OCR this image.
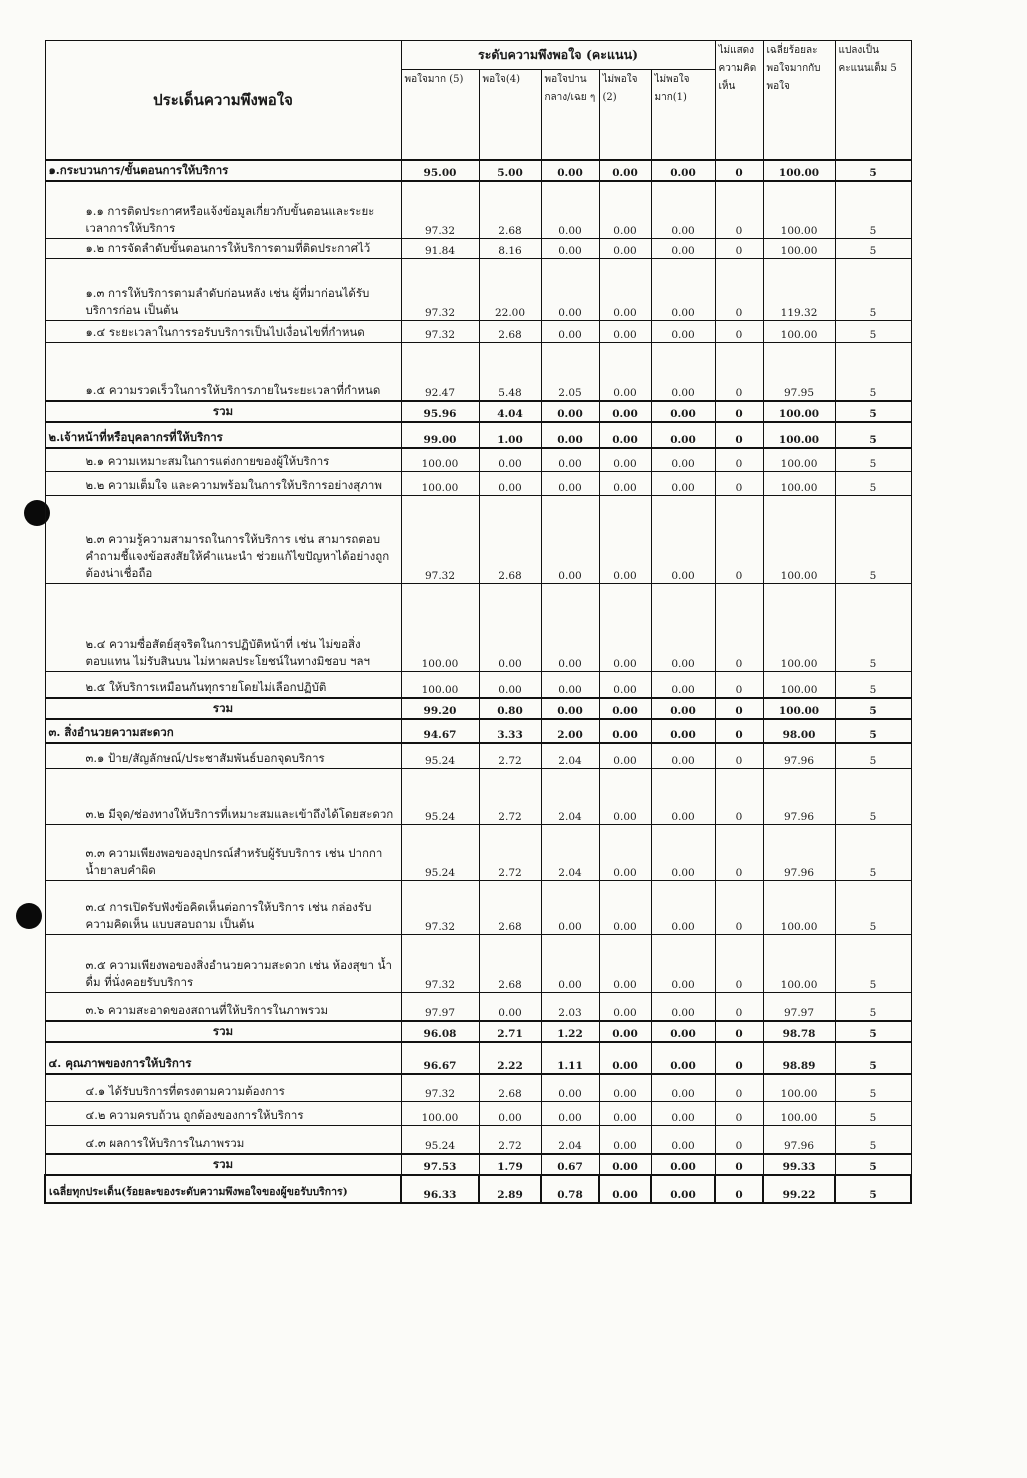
ประเด็นความพึงพอใจ	ระดับความพึงพอใจ (คะแนน)					ไม่แสดงความคิดเห็น	เฉลี่ยร้อยละพอใจมากกับพอใจ	แปลงเป็นคะแนนเต็ม 5
	พอใจมาก (5)	พอใจ(4)	พอใจปานกลาง/เฉย ๆ	ไม่พอใจ (2)	ไม่พอใจมาก(1)			
๑.กระบวนการ/ขั้นตอนการให้บริการ	95.00	5.00	0.00	0.00	0.00	0	100.00	5
๑.๑ การติดประกาศหรือแจ้งข้อมูลเกี่ยวกับขั้นตอนและระยะเวลาการให้บริการ	97.32	2.68	0.00	0.00	0.00	0	100.00	5
๑.๒ การจัดลำดับขั้นตอนการให้บริการตามที่ติดประกาศไว้	91.84	8.16	0.00	0.00	0.00	0	100.00	5
๑.๓ การให้บริการตามลำดับก่อนหลัง เช่น ผู้ที่มาก่อนได้รับบริการก่อน เป็นต้น	97.32	22.00	0.00	0.00	0.00	0	119.32	5
๑.๔ ระยะเวลาในการรอรับบริการเป็นไปเงื่อนไขที่กำหนด	97.32	2.68	0.00	0.00	0.00	0	100.00	5
๑.๕ ความรวดเร็วในการให้บริการภายในระยะเวลาที่กำหนด	92.47	5.48	2.05	0.00	0.00	0	97.95	5
รวม	95.96	4.04	0.00	0.00	0.00	0	100.00	5
๒.เจ้าหน้าที่หรือบุคลากรที่ให้บริการ	99.00	1.00	0.00	0.00	0.00	0	100.00	5
๒.๑ ความเหมาะสมในการแต่งกายของผู้ให้บริการ	100.00	0.00	0.00	0.00	0.00	0	100.00	5
๒.๒ ความเต็มใจ และความพร้อมในการให้บริการอย่างสุภาพ	100.00	0.00	0.00	0.00	0.00	0	100.00	5
๒.๓ ความรู้ความสามารถในการให้บริการ เช่น สามารถตอบคำถามชี้แจงข้อสงสัยให้คำแนะนำ ช่วยแก้ไขปัญหาได้อย่างถูกต้องน่าเชื่อถือ	97.32	2.68	0.00	0.00	0.00	0	100.00	5
๒.๔ ความซื่อสัตย์สุจริตในการปฏิบัติหน้าที่ เช่น ไม่ขอสิ่งตอบแทน ไม่รับสินบน ไม่หาผลประโยชน์ในทางมิชอบ ฯลฯ	100.00	0.00	0.00	0.00	0.00	0	100.00	5
๒.๕ ให้บริการเหมือนกันทุกรายโดยไม่เลือกปฏิบัติ	100.00	0.00	0.00	0.00	0.00	0	100.00	5
รวม	99.20	0.80	0.00	0.00	0.00	0	100.00	5
๓. สิ่งอำนวยความสะดวก	94.67	3.33	2.00	0.00	0.00	0	98.00	5
๓.๑ ป้าย/สัญลักษณ์/ประชาสัมพันธ์บอกจุดบริการ	95.24	2.72	2.04	0.00	0.00	0	97.96	5
๓.๒ มีจุด/ช่องทางให้บริการที่เหมาะสมและเข้าถึงได้โดยสะดวก	95.24	2.72	2.04	0.00	0.00	0	97.96	5
๓.๓ ความเพียงพอของอุปกรณ์สำหรับผู้รับบริการ เช่น ปากกา น้ำยาลบคำผิด	95.24	2.72	2.04	0.00	0.00	0	97.96	5
๓.๔ การเปิดรับฟังข้อคิดเห็นต่อการให้บริการ เช่น กล่องรับความคิดเห็น แบบสอบถาม เป็นต้น	97.32	2.68	0.00	0.00	0.00	0	100.00	5
๓.๕ ความเพียงพอของสิ่งอำนวยความสะดวก เช่น ห้องสุขา น้ำดื่ม ที่นั่งคอยรับบริการ	97.32	2.68	0.00	0.00	0.00	0	100.00	5
๓.๖ ความสะอาดของสถานที่ให้บริการในภาพรวม	97.97	0.00	2.03	0.00	0.00	0	97.97	5
รวม	96.08	2.71	1.22	0.00	0.00	0	98.78	5
๔. คุณภาพของการให้บริการ	96.67	2.22	1.11	0.00	0.00	0	98.89	5
๔.๑ ได้รับบริการที่ตรงตามความต้องการ	97.32	2.68	0.00	0.00	0.00	0	100.00	5
๔.๒ ความครบถ้วน ถูกต้องของการให้บริการ	100.00	0.00	0.00	0.00	0.00	0	100.00	5
๔.๓ ผลการให้บริการในภาพรวม	95.24	2.72	2.04	0.00	0.00	0	97.96	5
รวม	97.53	1.79	0.67	0.00	0.00	0	99.33	5
เฉลี่ยทุกประเด็น(ร้อยละของระดับความพึงพอใจของผู้ขอรับบริการ)	96.33	2.89	0.78	0.00	0.00	0	99.22	5
